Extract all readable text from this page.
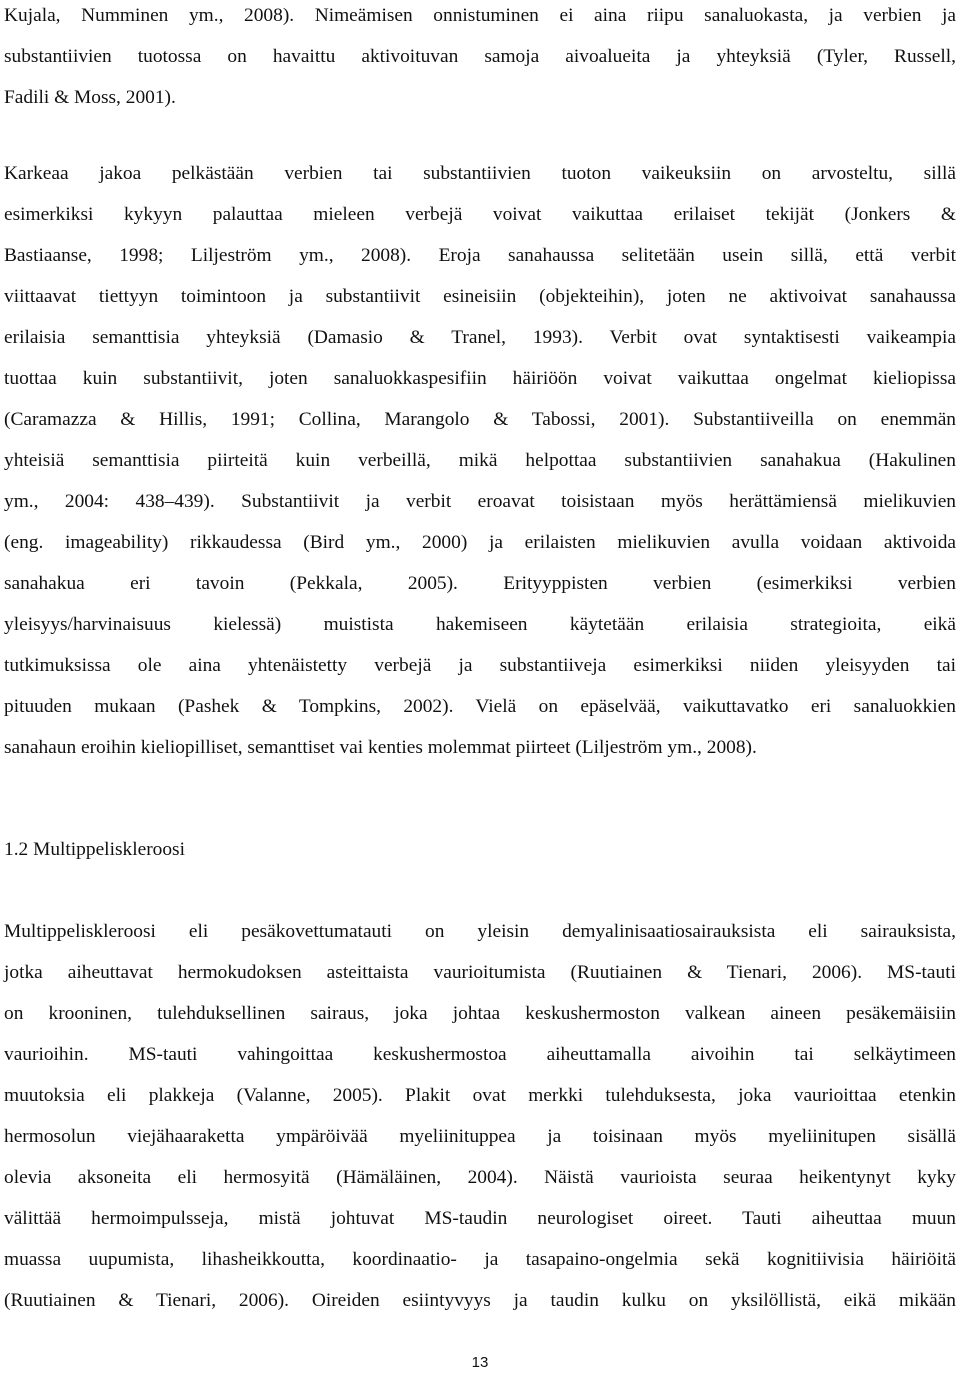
Kujala, Numminen ym., 2008). Nimeämisen onnistuminen ei aina riipu sanaluokasta, ja verbien ja
substantiivien tuotossa on havaittu aktivoituvan samoja aivoalueita ja yhteyksiä (Tyler, Russell,
Fadili & Moss, 2001).
Karkeaa jakoa pelkästään verbien tai substantiivien tuoton vaikeuksiin on arvosteltu, sillä
esimerkiksi kykyyn palauttaa mieleen verbejä voivat vaikuttaa erilaiset tekijät (Jonkers &
Bastiaanse, 1998; Liljeström ym., 2008). Eroja sanahaussa selitetään usein sillä, että verbit
viittaavat tiettyyn toimintoon ja substantiivit esineisiin (objekteihin), joten ne aktivoivat sanahaussa
erilaisia semanttisia yhteyksiä (Damasio & Tranel, 1993). Verbit ovat syntaktisesti vaikeampia
tuottaa kuin substantiivit, joten sanaluokkaspesifiin häiriöön voivat vaikuttaa ongelmat kieliopissa
(Caramazza & Hillis, 1991; Collina, Marangolo & Tabossi, 2001). Substantiiveilla on enemmän
yhteisiä semanttisia piirteitä kuin verbeillä, mikä helpottaa substantiivien sanahakua (Hakulinen
ym., 2004: 438–439). Substantiivit ja verbit eroavat toisistaan myös herättämiensä mielikuvien
(eng. imageability) rikkaudessa (Bird ym., 2000) ja erilaisten mielikuvien avulla voidaan aktivoida
sanahakua eri tavoin (Pekkala, 2005). Erityyppisten verbien (esimerkiksi verbien
yleisyys/harvinaisuus kielessä) muistista hakemiseen käytetään erilaisia strategioita, eikä
tutkimuksissa ole aina yhtenäistetty verbejä ja substantiiveja esimerkiksi niiden yleisyyden tai
pituuden mukaan (Pashek & Tompkins, 2002). Vielä on epäselvää, vaikuttavatko eri sanaluokkien
sanahaun eroihin kieliopilliset, semanttiset vai kenties molemmat piirteet (Liljeström ym., 2008).
1.2 Multippeliskleroosi
Multippeliskleroosi eli pesäkovettumatauti on yleisin demyalinisaatiosairauksista eli sairauksista,
jotka aiheuttavat hermokudoksen asteittaista vaurioitumista (Ruutiainen & Tienari, 2006). MS-tauti
on krooninen, tulehduksellinen sairaus, joka johtaa keskushermoston valkean aineen pesäkemäisiin
vaurioihin. MS-tauti vahingoittaa keskushermostoa aiheuttamalla aivoihin tai selkäytimeen
muutoksia eli plakkeja (Valanne, 2005). Plakit ovat merkki tulehduksesta, joka vaurioittaa etenkin
hermosolun viejähaaraketta ympäröivää myeliinituppea ja toisinaan myös myeliinitupen sisällä
olevia aksoneita eli hermosyitä (Hämäläinen, 2004). Näistä vaurioista seuraa heikentynyt kyky
välittää hermoimpulsseja, mistä johtuvat MS-taudin neurologiset oireet. Tauti aiheuttaa muun
muassa uupumista, lihasheikkoutta, koordinaatio- ja tasapaino-ongelmia sekä kognitiivisia häiriöitä
(Ruutiainen & Tienari, 2006). Oireiden esiintyvyys ja taudin kulku on yksilöllistä, eikä mikään
13
